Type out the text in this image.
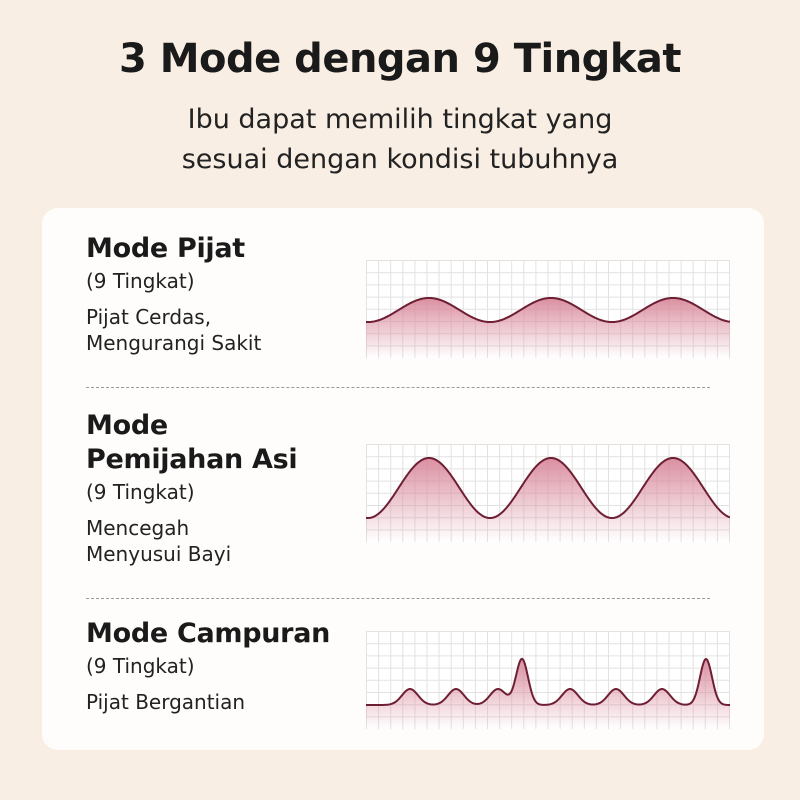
3 Mode dengan 9 Tingkat
Ibu dapat memilih tingkat yang
sesuai dengan kondisi tubuhnya
Mode Pijat
(9 Tingkat)
Pijat Cerdas,
Mengurangi Sakit
Mode
Pemijahan Asi
(9 Tingkat)
Mencegah
Menyusui Bayi
Mode Campuran
(9 Tingkat)
Pijat Bergantian
